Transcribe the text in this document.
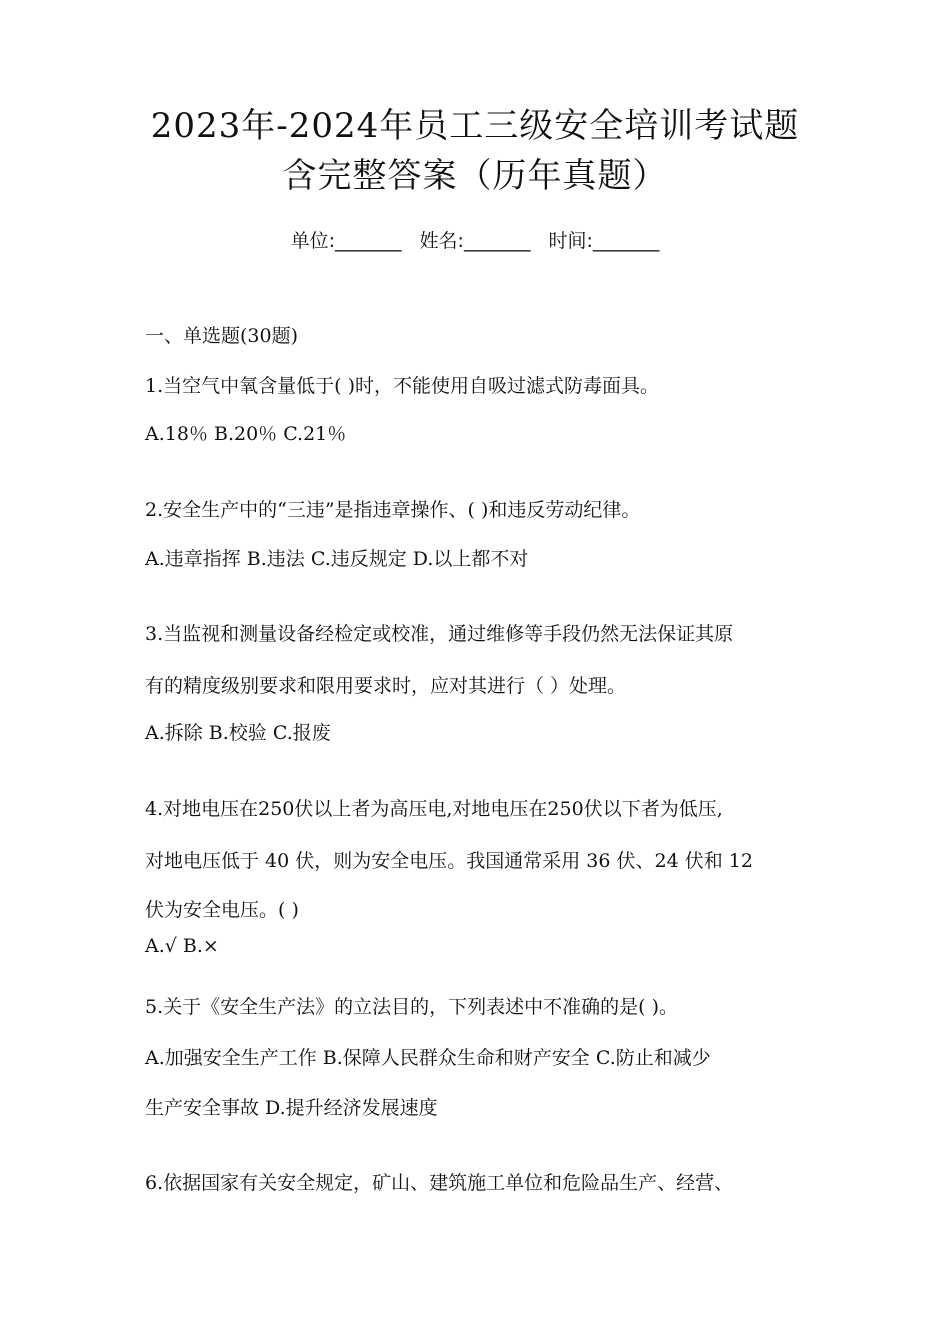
2023年-2024年员工三级安全培训考试题
含完整答案（历年真题）
单位:_______ 姓名:_______ 时间:_______
一、单选题(30题)
1.当空气中氧含量低于( )时，不能使用自吸过滤式防毒面具。
A.18％ B.20％ C.21％
2.安全生产中的“三违”是指违章操作、( )和违反劳动纪律。
A.违章指挥 B.违法 C.违反规定 D.以上都不对
3.当监视和测量设备经检定或校准，通过维修等手段仍然无法保证其原
有的精度级别要求和限用要求时，应对其进行（ ）处理。
A.拆除 B.校验 C.报废
4.对地电压在250伏以上者为高压电,对地电压在250伏以下者为低压,
对地电压低于 40 伏，则为安全电压。我国通常采用 36 伏、24 伏和 12
伏为安全电压。( )
A.√ B.×
5.关于《安全生产法》的立法目的，下列表述中不准确的是( )。
A.加强安全生产工作 B.保障人民群众生命和财产安全 C.防止和减少
生产安全事故 D.提升经济发展速度
6.依据国家有关安全规定，矿山、建筑施工单位和危险品生产、经营、
